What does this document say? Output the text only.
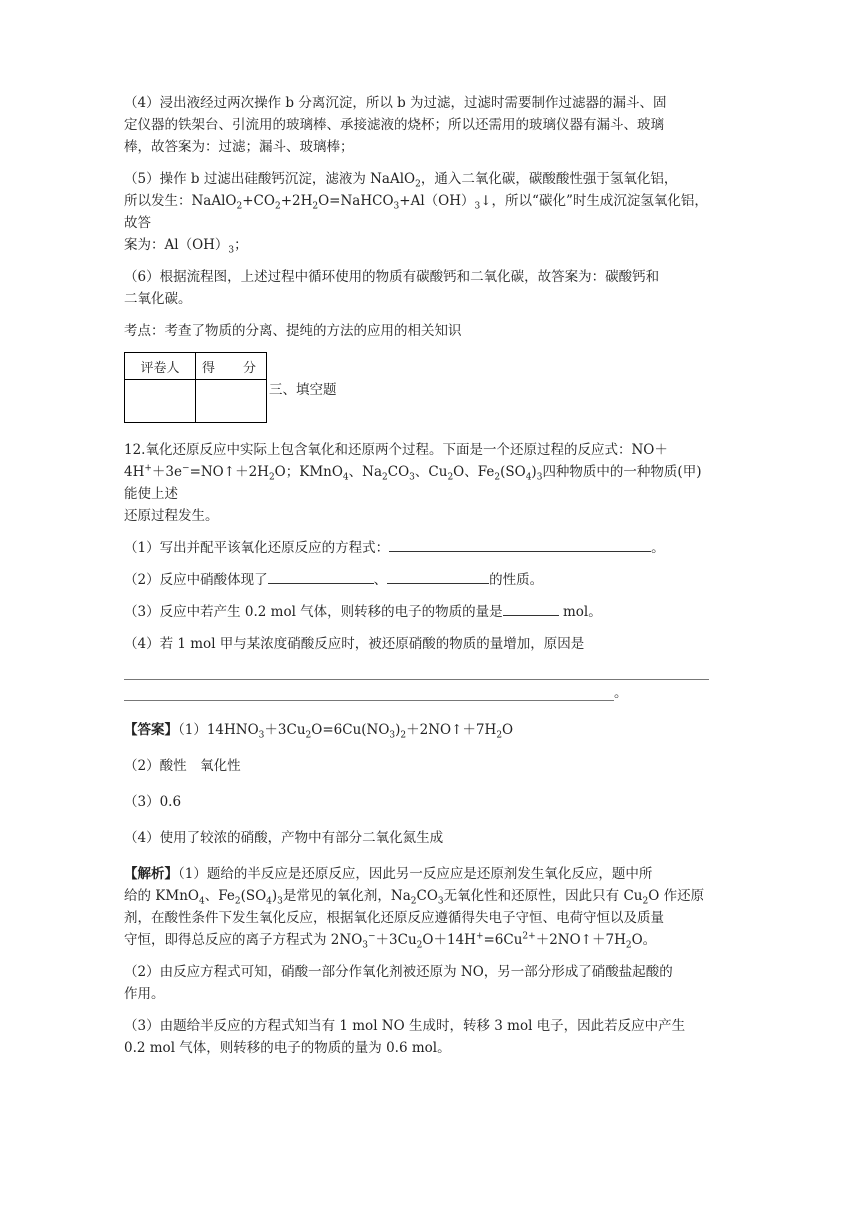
（4）浸出液经过两次操作 b 分离沉淀，所以 b 为过滤，过滤时需要制作过滤器的漏斗、固
定仪器的铁架台、引流用的玻璃棒、承接滤液的烧杯；所以还需用的玻璃仪器有漏斗、玻璃
棒，故答案为：过滤；漏斗、玻璃棒；
（5）操作 b 过滤出硅酸钙沉淀，滤液为 NaAlO$_2$，通入二氧化碳，碳酸酸性强于氢氧化铝，
所以发生：$NaAlO_2+CO_2+2H_2O=NaHCO_3+Al(OH)_3↓$，所以“碳化”时生成沉淀氢氧化铝，故答
案为：$Al(OH)_3$；
（6）根据流程图，上述过程中循环使用的物质有碳酸钙和二氧化碳，故答案为：碳酸钙和
二氧化碳。
考点：考查了物质的分离、提纯的方法的应用的相关知识
评卷人	得 分

三、填空题
12.氧化还原反应中实际上包含氧化和还原两个过程。下面是一个还原过程的反应式：NO＋
$4H^++3e^-=NO↑+2H_2O$；KMnO$_4$、$Na_2CO_3$、$Cu_2O$、$Fe_2(SO_4)_3$四种物质中的一种物质(甲)能使上述
还原过程发生。
（1）写出并配平该氧化还原反应的方程式：	。
（2）反应中硝酸体现了	、	的性质。
（3）反应中若产生 0.2 mol 气体，则转移的电子的物质的量是	mol。
（4）若 1 mol 甲与某浓度硝酸反应时，被还原硝酸的物质的量增加，原因是
。
【答案】$(1)14HNO_3+3Cu_2O=6Cu(NO_3)_2+2NO↑+7H_2O$
（2）酸性　氧化性
（3）0.6
（4）使用了较浓的硝酸，产物中有部分二氧化氮生成
【解析】（1）题给的半反应是还原反应，因此另一反应应是还原剂发生氧化反应，题中所
给的 KMnO$_4$、$Fe_2(SO_4)_3$是常见的氧化剂，$Na_2CO_3$无氧化性和还原性，因此只有 $Cu_2O$ 作还原
剂，在酸性条件下发生氧化反应，根据氧化还原反应遵循得失电子守恒、电荷守恒以及质量
守恒，即得总反应的离子方程式为 $2NO_3^-+3Cu_2O+14H^+=6Cu^{2+}+2NO↑+7H_2O$。
（2）由反应方程式可知，硝酸一部分作氧化剂被还原为 NO，另一部分形成了硝酸盐起酸的
作用。
（3）由题给半反应的方程式知当有 1 mol NO 生成时，转移 3 mol 电子，因此若反应中产生
0.2 mol 气体，则转移的电子的物质的量为 0.6 mol。
